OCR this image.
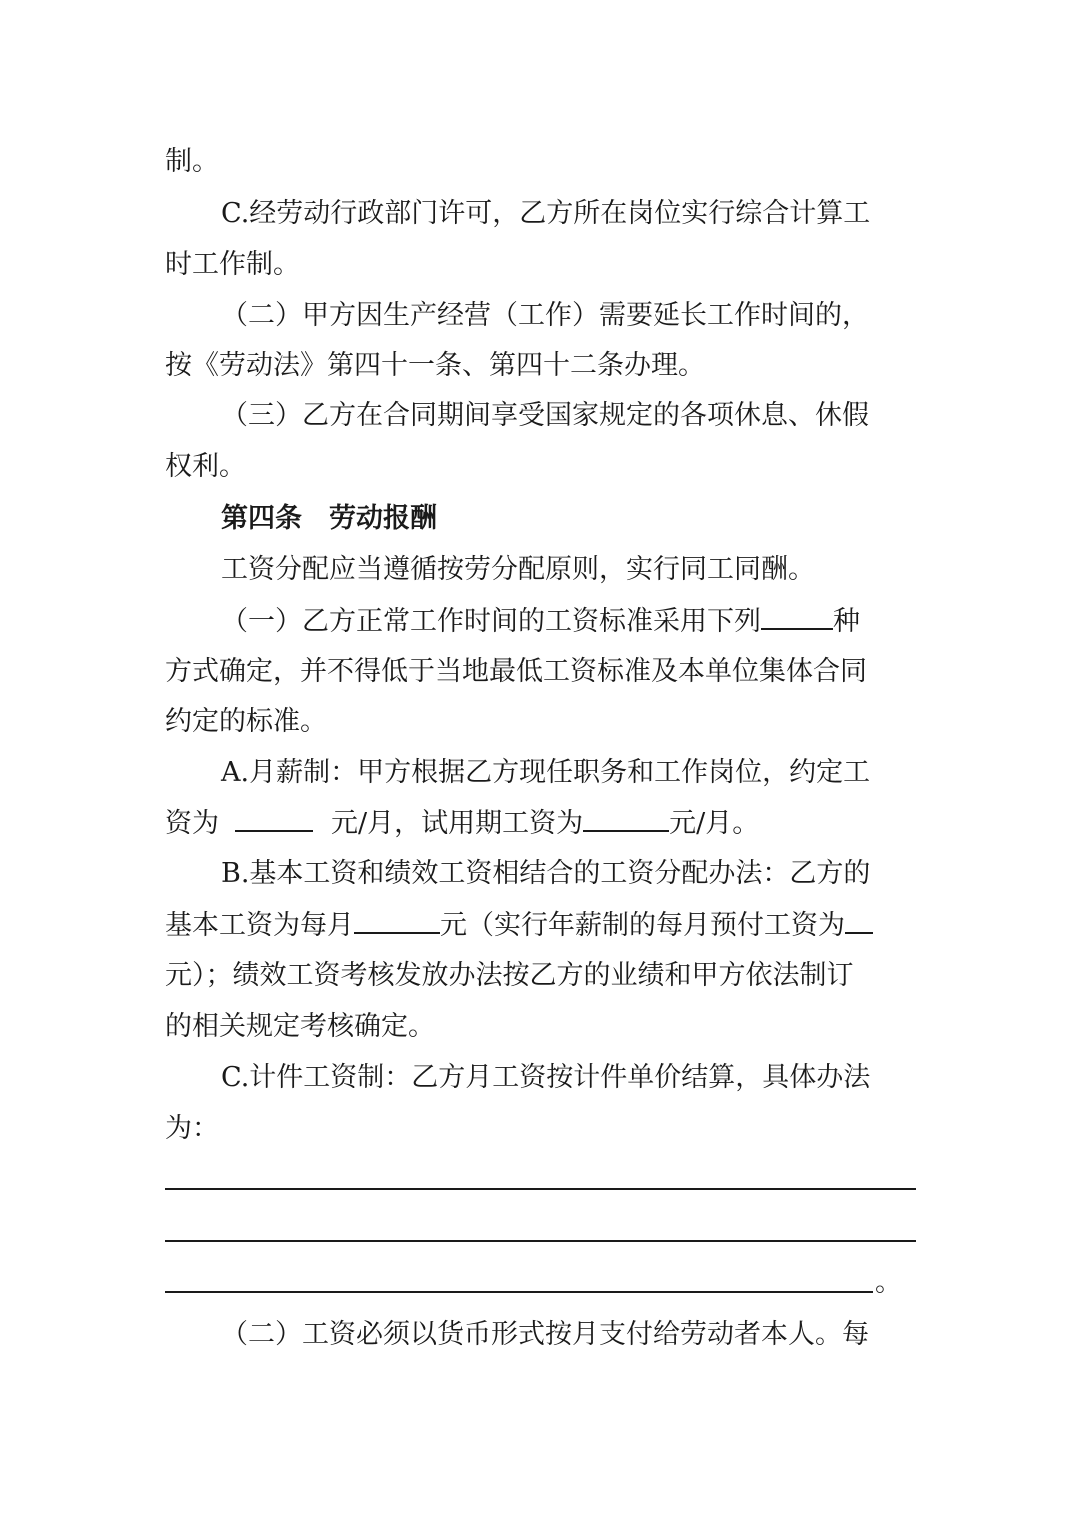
制。
C.经劳动行政部门许可，乙方所在岗位实行综合计算工
时工作制。
（二）甲方因生产经营（工作）需要延长工作时间的，
按《劳动法》第四十一条、第四十二条办理。
（三）乙方在合同期间享受国家规定的各项休息、休假
权利。
第四条　劳动报酬
工资分配应当遵循按劳分配原则，实行同工同酬。
（一）乙方正常工作时间的工资标准采用下列	种
方式确定，并不得低于当地最低工资标准及本单位集体合同
约定的标准。
A.月薪制：甲方根据乙方现任职务和工作岗位，约定工
资为	元/月，试用期工资为	元/月。
B.基本工资和绩效工资相结合的工资分配办法：乙方的
基本工资为每月	元（实行年薪制的每月预付工资为
元）；绩效工资考核发放办法按乙方的业绩和甲方依法制订
的相关规定考核确定。
C.计件工资制：乙方月工资按计件单价结算，具体办法
为：
。
（二）工资必须以货币形式按月支付给劳动者本人。每
